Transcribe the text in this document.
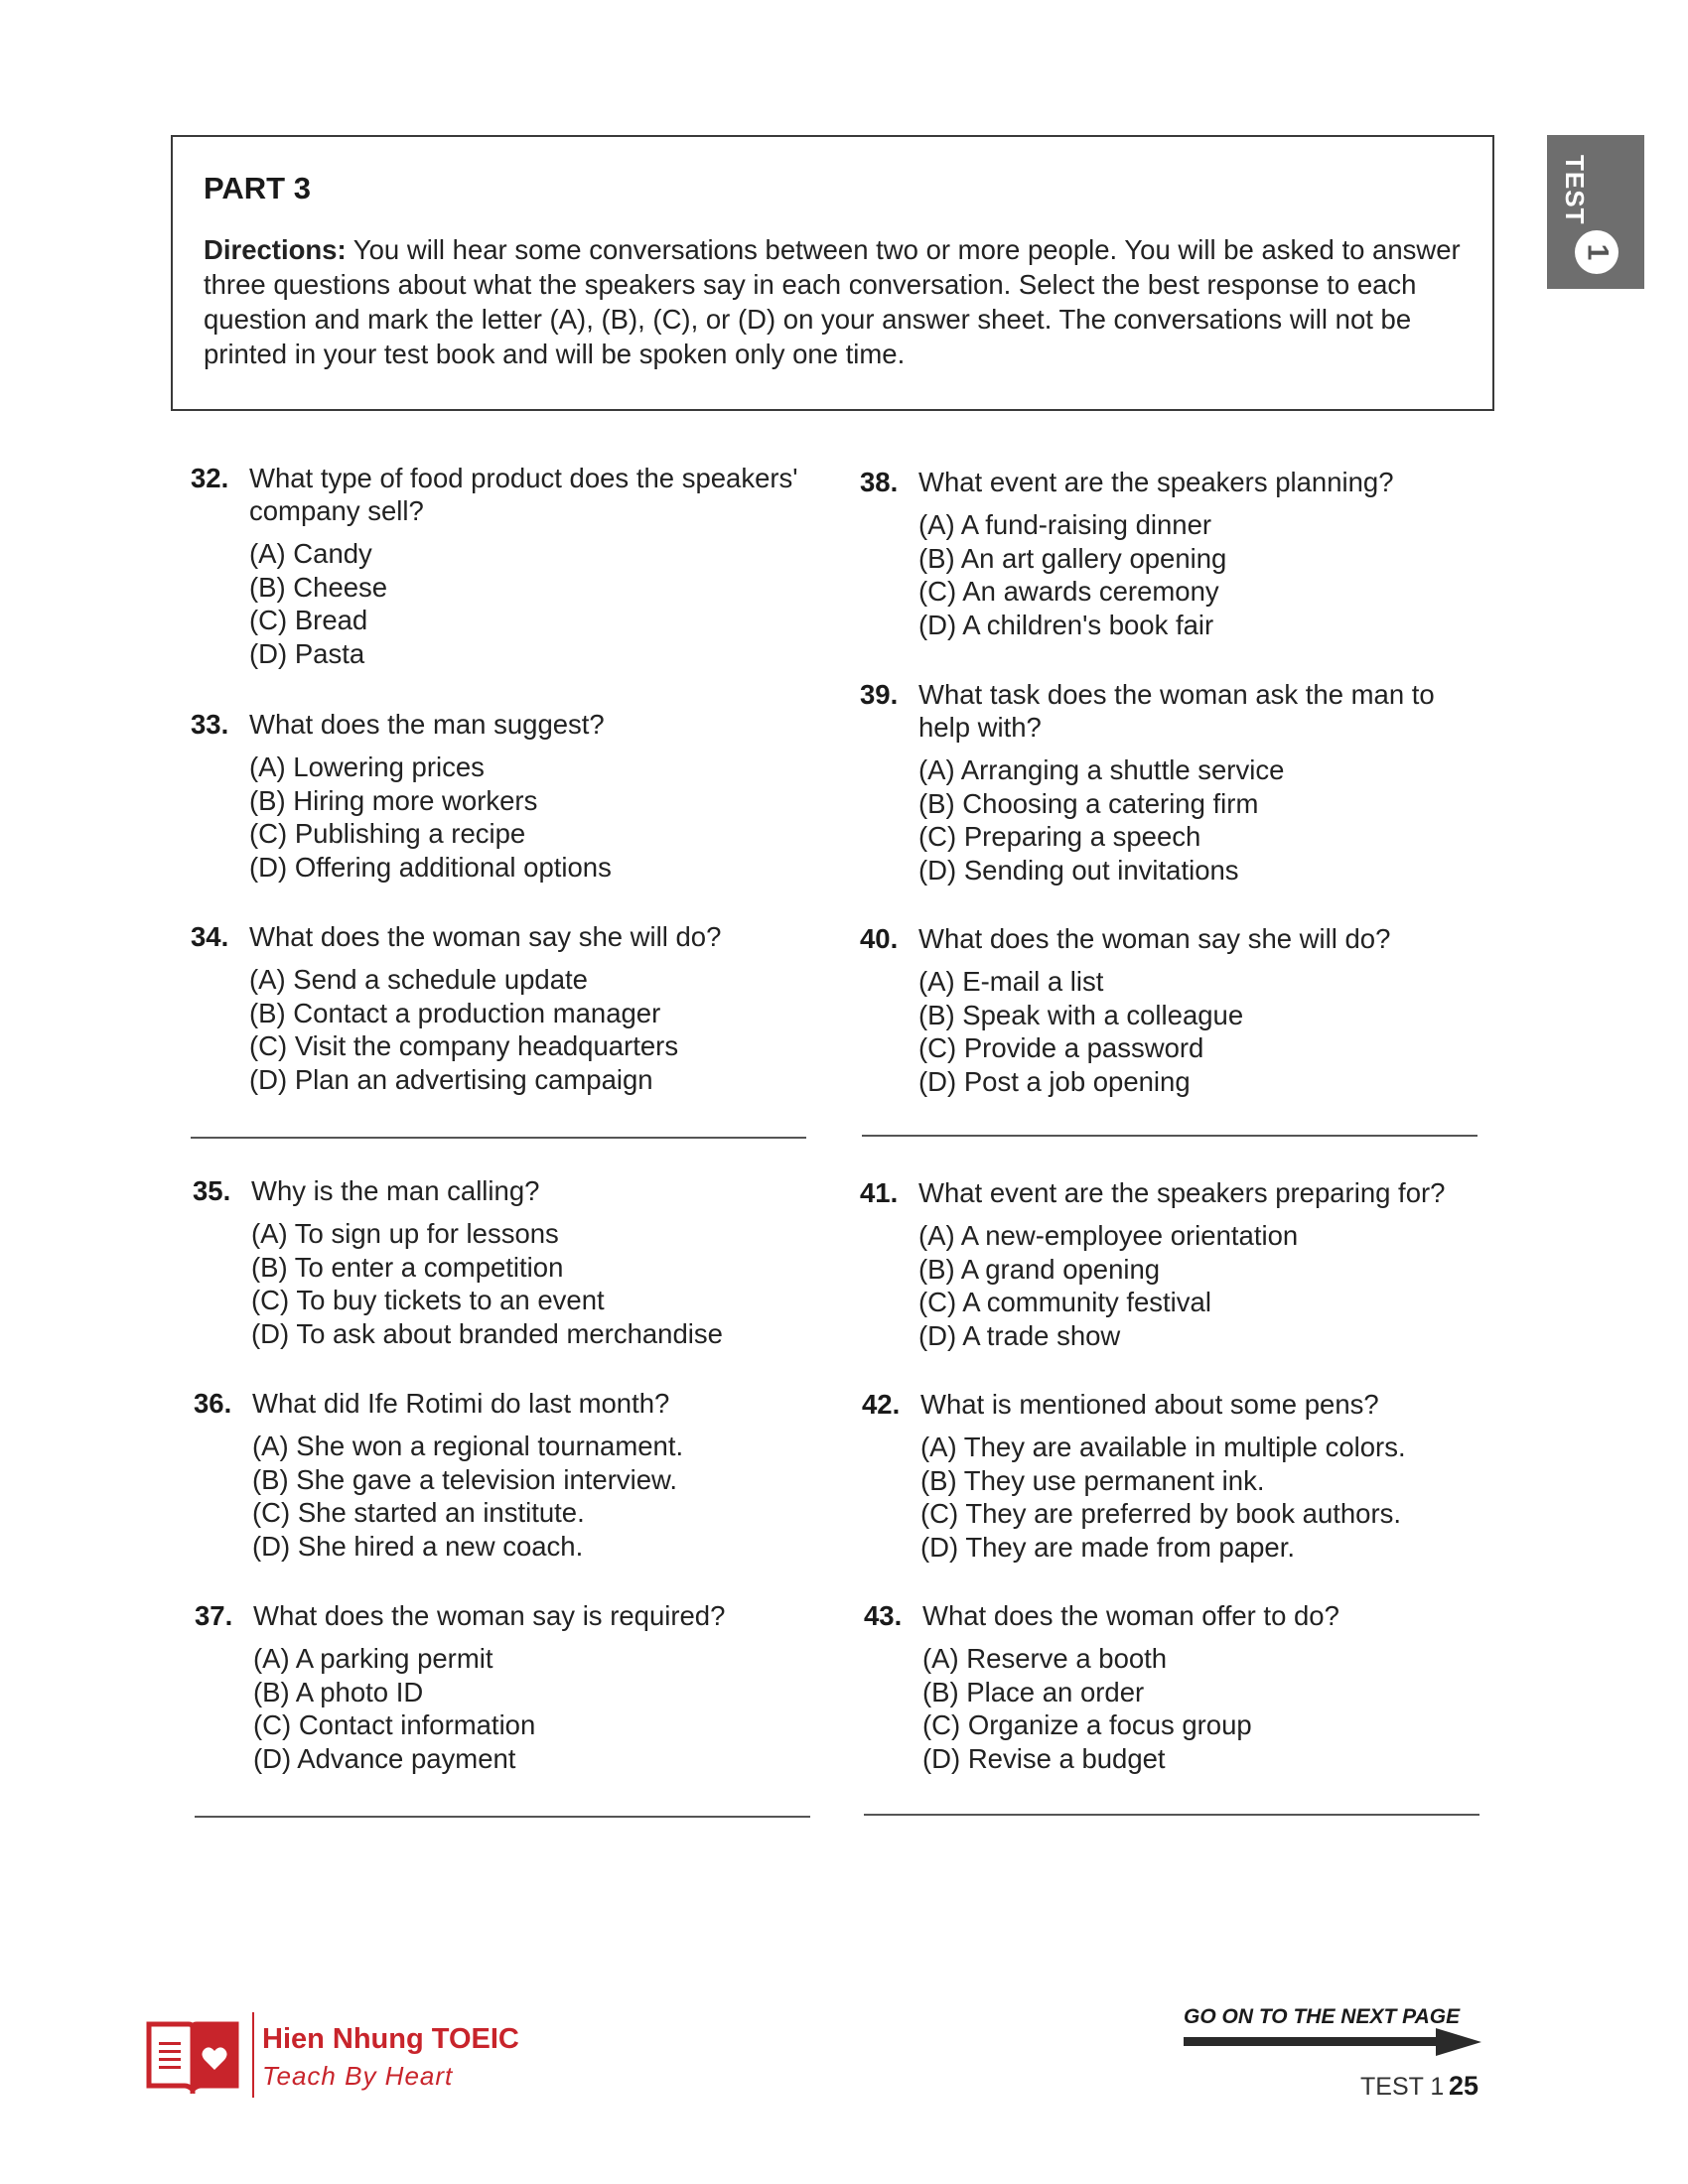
PART 3
Directions: You will hear some conversations between two or more people. You will be asked to answer three questions about what the speakers say in each conversation. Select the best response to each question and mark the letter (A), (B), (C), or (D) on your answer sheet. The conversations will not be printed in your test book and will be spoken only one time.
TEST
1
32. What type of food product does the speakers' company sell?
(A) Candy
(B) Cheese
(C) Bread
(D) Pasta
33. What does the man suggest?
(A) Lowering prices
(B) Hiring more workers
(C) Publishing a recipe
(D) Offering additional options
34. What does the woman say she will do?
(A) Send a schedule update
(B) Contact a production manager
(C) Visit the company headquarters
(D) Plan an advertising campaign
35. Why is the man calling?
(A) To sign up for lessons
(B) To enter a competition
(C) To buy tickets to an event
(D) To ask about branded merchandise
36. What did Ife Rotimi do last month?
(A) She won a regional tournament.
(B) She gave a television interview.
(C) She started an institute.
(D) She hired a new coach.
37. What does the woman say is required?
(A) A parking permit
(B) A photo ID
(C) Contact information
(D) Advance payment
38. What event are the speakers planning?
(A) A fund-raising dinner
(B) An art gallery opening
(C) An awards ceremony
(D) A children's book fair
39. What task does the woman ask the man to help with?
(A) Arranging a shuttle service
(B) Choosing a catering firm
(C) Preparing a speech
(D) Sending out invitations
40. What does the woman say she will do?
(A) E-mail a list
(B) Speak with a colleague
(C) Provide a password
(D) Post a job opening
41. What event are the speakers preparing for?
(A) A new-employee orientation
(B) A grand opening
(C) A community festival
(D) A trade show
42. What is mentioned about some pens?
(A) They are available in multiple colors.
(B) They use permanent ink.
(C) They are preferred by book authors.
(D) They are made from paper.
43. What does the woman offer to do?
(A) Reserve a booth
(B) Place an order
(C) Organize a focus group
(D) Revise a budget
Hien Nhung TOEIC
Teach By Heart
GO ON TO THE NEXT PAGE
TEST 1 25
